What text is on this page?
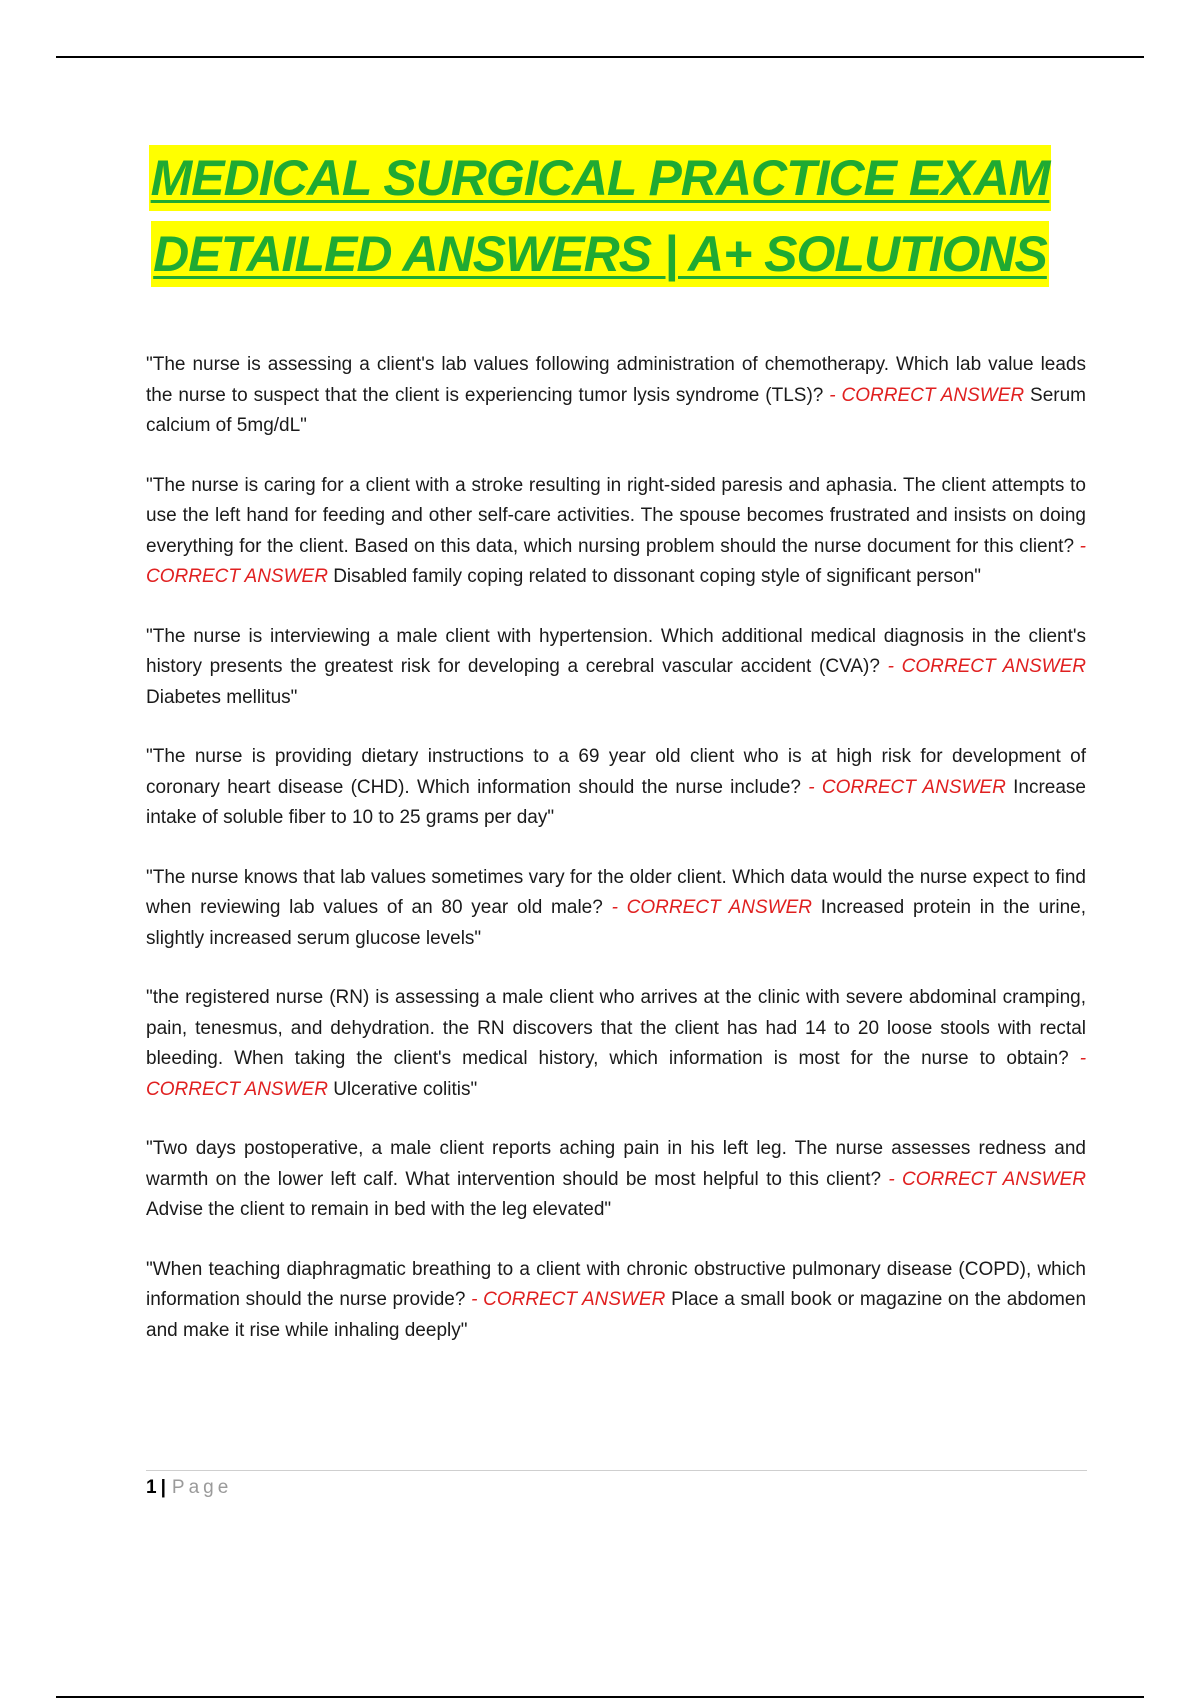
MEDICAL SURGICAL PRACTICE EXAM
DETAILED ANSWERS | A+ SOLUTIONS

"The nurse is assessing a client's lab values following administration of chemotherapy. Which lab value leads the nurse to suspect that the client is experiencing tumor lysis syndrome (TLS)? - CORRECT ANSWER Serum calcium of 5mg/dL"

"The nurse is caring for a client with a stroke resulting in right-sided paresis and aphasia. The client attempts to use the left hand for feeding and other self-care activities. The spouse becomes frustrated and insists on doing everything for the client. Based on this data, which nursing problem should the nurse document for this client? - CORRECT ANSWER Disabled family coping related to dissonant coping style of significant person"

"The nurse is interviewing a male client with hypertension. Which additional medical diagnosis in the client's history presents the greatest risk for developing a cerebral vascular accident (CVA)? - CORRECT ANSWER Diabetes mellitus"

"The nurse is providing dietary instructions to a 69 year old client who is at high risk for development of coronary heart disease (CHD). Which information should the nurse include? - CORRECT ANSWER Increase intake of soluble fiber to 10 to 25 grams per day"

"The nurse knows that lab values sometimes vary for the older client. Which data would the nurse expect to find when reviewing lab values of an 80 year old male? - CORRECT ANSWER Increased protein in the urine, slightly increased serum glucose levels"

"the registered nurse (RN) is assessing a male client who arrives at the clinic with severe abdominal cramping, pain, tenesmus, and dehydration. the RN discovers that the client has had 14 to 20 loose stools with rectal bleeding. When taking the client's medical history, which information is most for the nurse to obtain? - CORRECT ANSWER Ulcerative colitis"

"Two days postoperative, a male client reports aching pain in his left leg. The nurse assesses redness and warmth on the lower left calf. What intervention should be most helpful to this client? - CORRECT ANSWER Advise the client to remain in bed with the leg elevated"

"When teaching diaphragmatic breathing to a client with chronic obstructive pulmonary disease (COPD), which information should the nurse provide? - CORRECT ANSWER Place a small book or magazine on the abdomen and make it rise while inhaling deeply"

1 | Page
